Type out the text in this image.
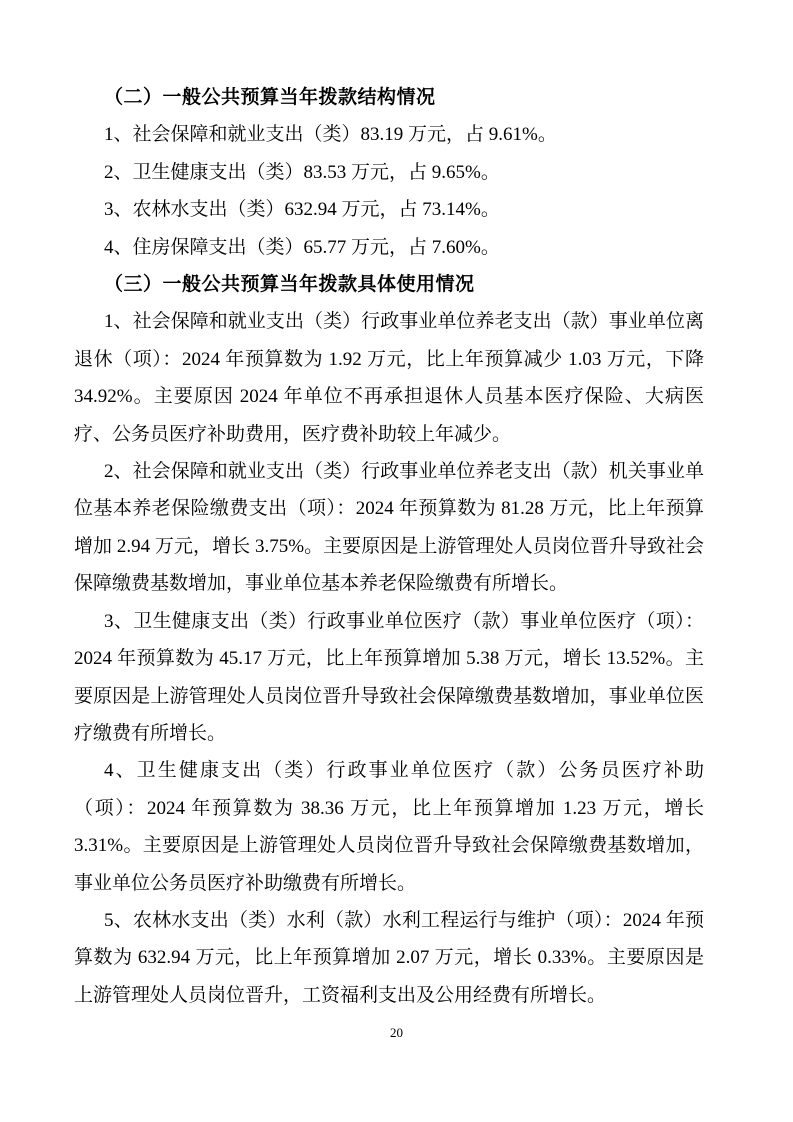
（二）一般公共预算当年拨款结构情况

1、社会保障和就业支出（类）83.19 万元，占 9.61%。

2、卫生健康支出（类）83.53 万元，占 9.65%。

3、农林水支出（类）632.94 万元，占 73.14%。

4、住房保障支出（类）65.77 万元，占 7.60%。

（三）一般公共预算当年拨款具体使用情况

1、社会保障和就业支出（类）行政事业单位养老支出（款）事业单位离退休（项）：2024 年预算数为 1.92 万元，比上年预算减少 1.03 万元，下降 34.92%。主要原因 2024 年单位不再承担退休人员基本医疗保险、大病医疗、公务员医疗补助费用，医疗费补助较上年减少。

2、社会保障和就业支出（类）行政事业单位养老支出（款）机关事业单位基本养老保险缴费支出（项）：2024 年预算数为 81.28 万元，比上年预算增加 2.94 万元，增长 3.75%。主要原因是上游管理处人员岗位晋升导致社会保障缴费基数增加，事业单位基本养老保险缴费有所增长。

3、卫生健康支出（类）行政事业单位医疗（款）事业单位医疗（项）：2024 年预算数为 45.17 万元，比上年预算增加 5.38 万元，增长 13.52%。主要原因是上游管理处人员岗位晋升导致社会保障缴费基数增加，事业单位医疗缴费有所增长。

4、卫生健康支出（类）行政事业单位医疗（款）公务员医疗补助（项）：2024 年预算数为 38.36 万元，比上年预算增加 1.23 万元，增长 3.31%。主要原因是上游管理处人员岗位晋升导致社会保障缴费基数增加，事业单位公务员医疗补助缴费有所增长。

5、农林水支出（类）水利（款）水利工程运行与维护（项）：2024 年预算数为 632.94 万元，比上年预算增加 2.07 万元，增长 0.33%。主要原因是上游管理处人员岗位晋升，工资福利支出及公用经费有所增长。

20
